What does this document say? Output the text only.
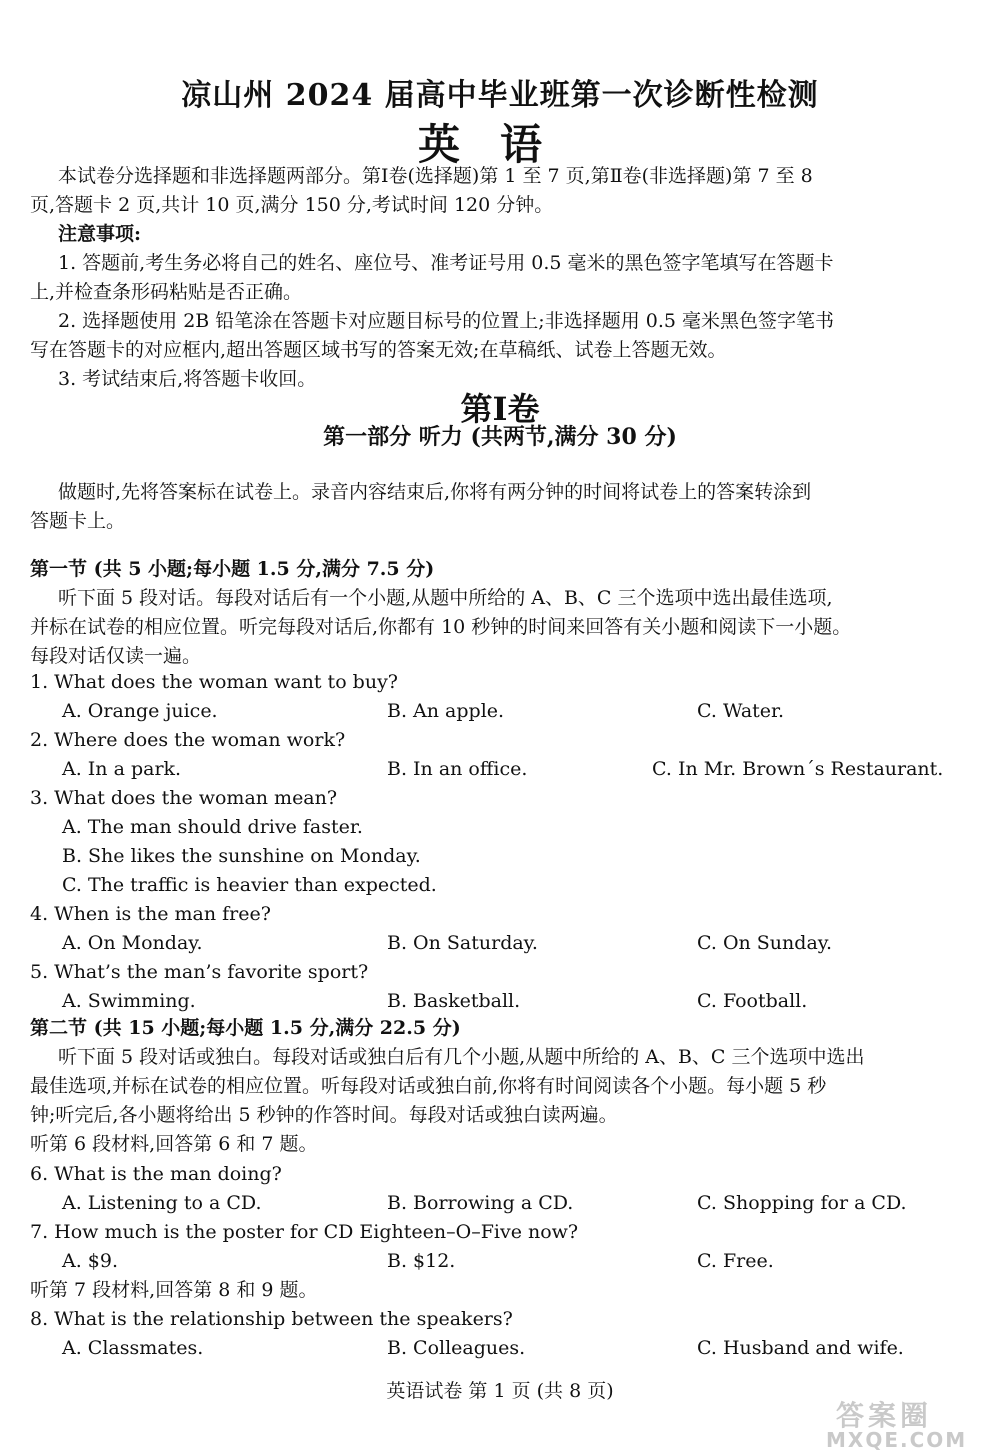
凉山州 2024 届高中毕业班第一次诊断性检测
英语
本试卷分选择题和非选择题两部分。第Ⅰ卷(选择题)第 1 至 7 页,第Ⅱ卷(非选择题)第 7 至 8
页,答题卡 2 页,共计 10 页,满分 150 分,考试时间 120 分钟。
注意事项:
1. 答题前,考生务必将自己的姓名、座位号、准考证号用 0.5 毫米的黑色签字笔填写在答题卡
上,并检查条形码粘贴是否正确。
2. 选择题使用 2B 铅笔涂在答题卡对应题目标号的位置上;非选择题用 0.5 毫米黑色签字笔书
写在答题卡的对应框内,超出答题区域书写的答案无效;在草稿纸、试卷上答题无效。
3. 考试结束后,将答题卡收回。
第Ⅰ卷
第一部分 听力 (共两节,满分 30 分)
做题时,先将答案标在试卷上。录音内容结束后,你将有两分钟的时间将试卷上的答案转涂到
答题卡上。
第一节 (共 5 小题;每小题 1.5 分,满分 7.5 分)
听下面 5 段对话。每段对话后有一个小题,从题中所给的 A、B、C 三个选项中选出最佳选项,
并标在试卷的相应位置。听完每段对话后,你都有 10 秒钟的时间来回答有关小题和阅读下一小题。
每段对话仅读一遍。
1. What does the woman want to buy?
A. Orange juice.	B. An apple.	C. Water.
2. Where does the woman work?
A. In a park.	B. In an office.	C. In Mr. Brown´s Restaurant.
3. What does the woman mean?
A. The man should drive faster.
B. She likes the sunshine on Monday.
C. The traffic is heavier than expected.
4. When is the man free?
A. On Monday.	B. On Saturday.	C. On Sunday.
5. What’s the man’s favorite sport?
A. Swimming.	B. Basketball.	C. Football.
第二节 (共 15 小题;每小题 1.5 分,满分 22.5 分)
听下面 5 段对话或独白。每段对话或独白后有几个小题,从题中所给的 A、B、C 三个选项中选出
最佳选项,并标在试卷的相应位置。听每段对话或独白前,你将有时间阅读各个小题。每小题 5 秒
钟;听完后,各小题将给出 5 秒钟的作答时间。每段对话或独白读两遍。
听第 6 段材料,回答第 6 和 7 题。
6. What is the man doing?
A. Listening to a CD.	B. Borrowing a CD.	C. Shopping for a CD.
7. How much is the poster for CD Eighteen–O–Five now?
A. $9.	B. $12.	C. Free.
听第 7 段材料,回答第 8 和 9 题。
8. What is the relationship between the speakers?
A. Classmates.	B. Colleagues.	C. Husband and wife.
英语试卷 第 1 页 (共 8 页)
答案圈
MXQE.COM
